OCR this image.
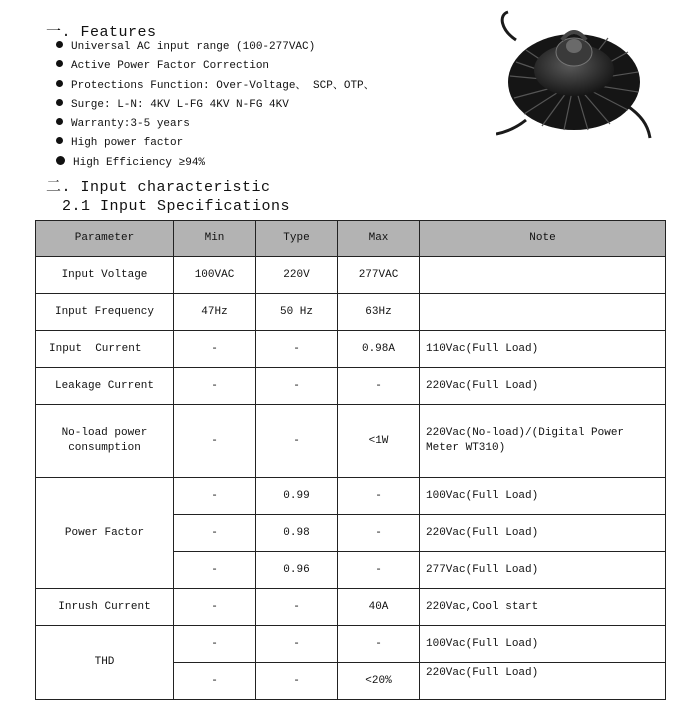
一. Features
Universal AC input range (100-277VAC)
Active Power Factor Correction
Protections Function: Over-Voltage、 SCP、OTP、
Surge: L-N: 4KV L-FG 4KV N-FG 4KV
Warranty:3-5 years
High power factor
High Efficiency ≥94%
二. Input characteristic
2.1 Input Specifications
Parameter	Min	Type	Max	Note
Input Voltage	100VAC	220V	277VAC	
Input Frequency	47Hz	50 Hz	63Hz	
Input  Current	-	-	0.98A	110Vac(Full Load)
Leakage Current	-	-	-	220Vac(Full Load)
No-load power
consumption	-	-	<1W	220Vac(No-load)/(Digital Power
Meter WT310)
Power Factor	-	0.99	-	100Vac(Full Load)
	-	0.98	-	220Vac(Full Load)
	-	0.96	-	277Vac(Full Load)
Inrush Current	-	-	40A	220Vac,Cool start
THD	-	-	-	100Vac(Full Load)
	-	-	<20%	220Vac(Full Load)
